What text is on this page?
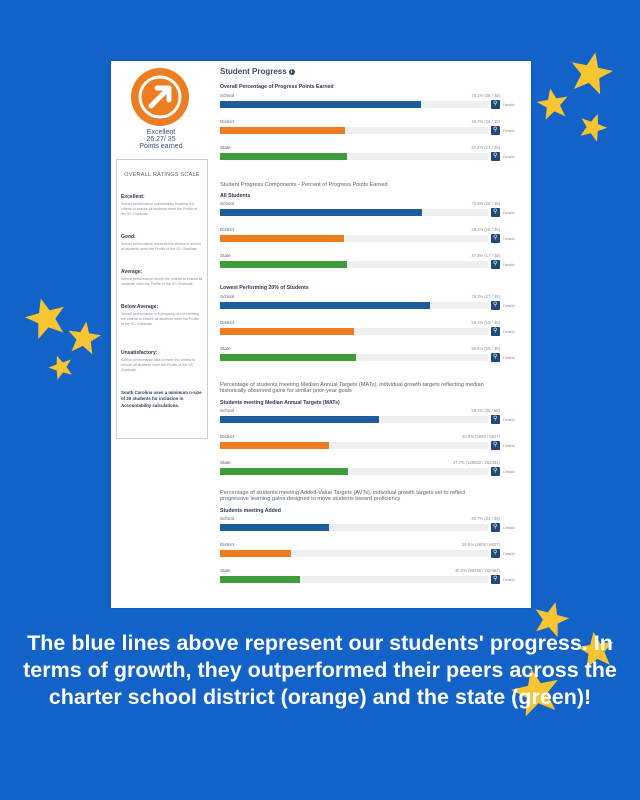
Excellent
26.27/ 35
Points earned
OVERALL RATINGS SCALE
Excellent:
School performance substantially exceeds the criteria to ensure all students meet the Profile of the SC Graduate.
Good:
School performance exceeds the criteria to ensure all students meet the Profile of the SC Graduate.
Average:
School performance meets the criteria to ensure all students meet the Profile of the SC Graduate.
Below Average:
School performance is in jeopardy of not meeting the criteria to ensure all students meet the Profile of the SC Graduate.
Unsatisfactory:
School performance fails to meet the criteria to ensure all students meet the Profile of the SC Graduate.
South Carolina uses a minimum n-size of 20 students for inclusion in Accountability calculations.
Student Progress i
Overall Percentage of Progress Points Earned
School	75.1% (26 / 35)
⚲ Details
District	46.7% (16 / 35)
⚲ Details
State	47.4% (17 / 35)
⚲ Details
Student Progress Components - Percent of Progress Points Earned
All Students
School	75.5% (26 / 35)
⚲ Details
District	46.4% (16 / 35)
⚲ Details
State	47.3% (17 / 35)
⚲ Details
Lowest Performing 20% of Students
School	78.2% (27 / 35)
⚲ Details
District	50.1% (18 / 35)
⚲ Details
State	50.6% (18 / 35)
⚲ Details
Percentage of students meeting Median Annual Targets (MATs), individual growth targets reflecting median historically observed gains for similar prior-year goals
Students meeting Median Annual Targets (MATs)
School	59.3% (35 / 59)
⚲ Details
District	40.8% (2992 / 6827)
⚲ Details
State	47.7% (125502 / 262464)
⚲ Details
Percentage of students meeting Added-Value Targets (AVTs), individual growth targets set to reflect progressive learning gains designed to move students toward proficiency
Students meeting Added
School	40.7% (24 / 59)
⚲ Details
District	26.5% (3808 / 6827)
⚲ Details
State	30.0% (80290 / 262464)
⚲ Details
The blue lines above represent our students' progress. In terms of growth, they outperformed their peers across the charter school district (orange) and the state (green)!
